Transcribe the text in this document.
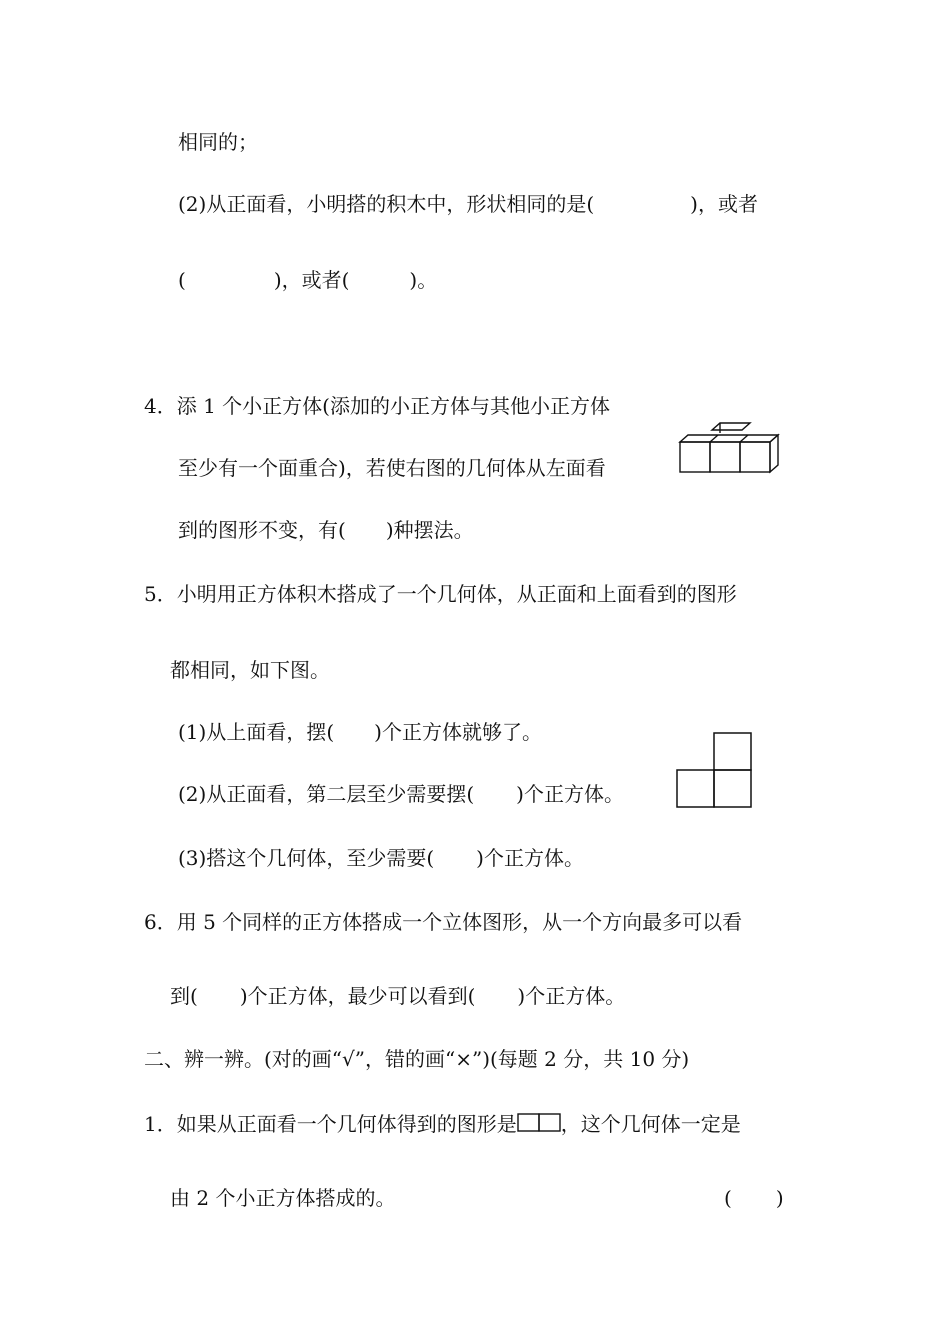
相同的；
(2)从正面看，小明搭的积木中，形状相同的是(	)，或者
(	)，或者(	)。
4．添 1 个小正方体(添加的小正方体与其他小正方体
至少有一个面重合)，若使右图的几何体从左面看
到的图形不变，有( )种摆法。
5．小明用正方体积木搭成了一个几何体，从正面和上面看到的图形
都相同，如下图。
(1)从上面看，摆( )个正方体就够了。
(2)从正面看，第二层至少需要摆( )个正方体。
(3)搭这个几何体，至少需要( )个正方体。
6．用 5 个同样的正方体搭成一个立体图形，从一个方向最多可以看
到( )个正方体，最少可以看到( )个正方体。
二、辨一辨。(对的画“√”，错的画“×”)(每题 2 分，共 10 分)
1．如果从正面看一个几何体得到的图形是 ，这个几何体一定是
由 2 个小正方体搭成的。	( )
